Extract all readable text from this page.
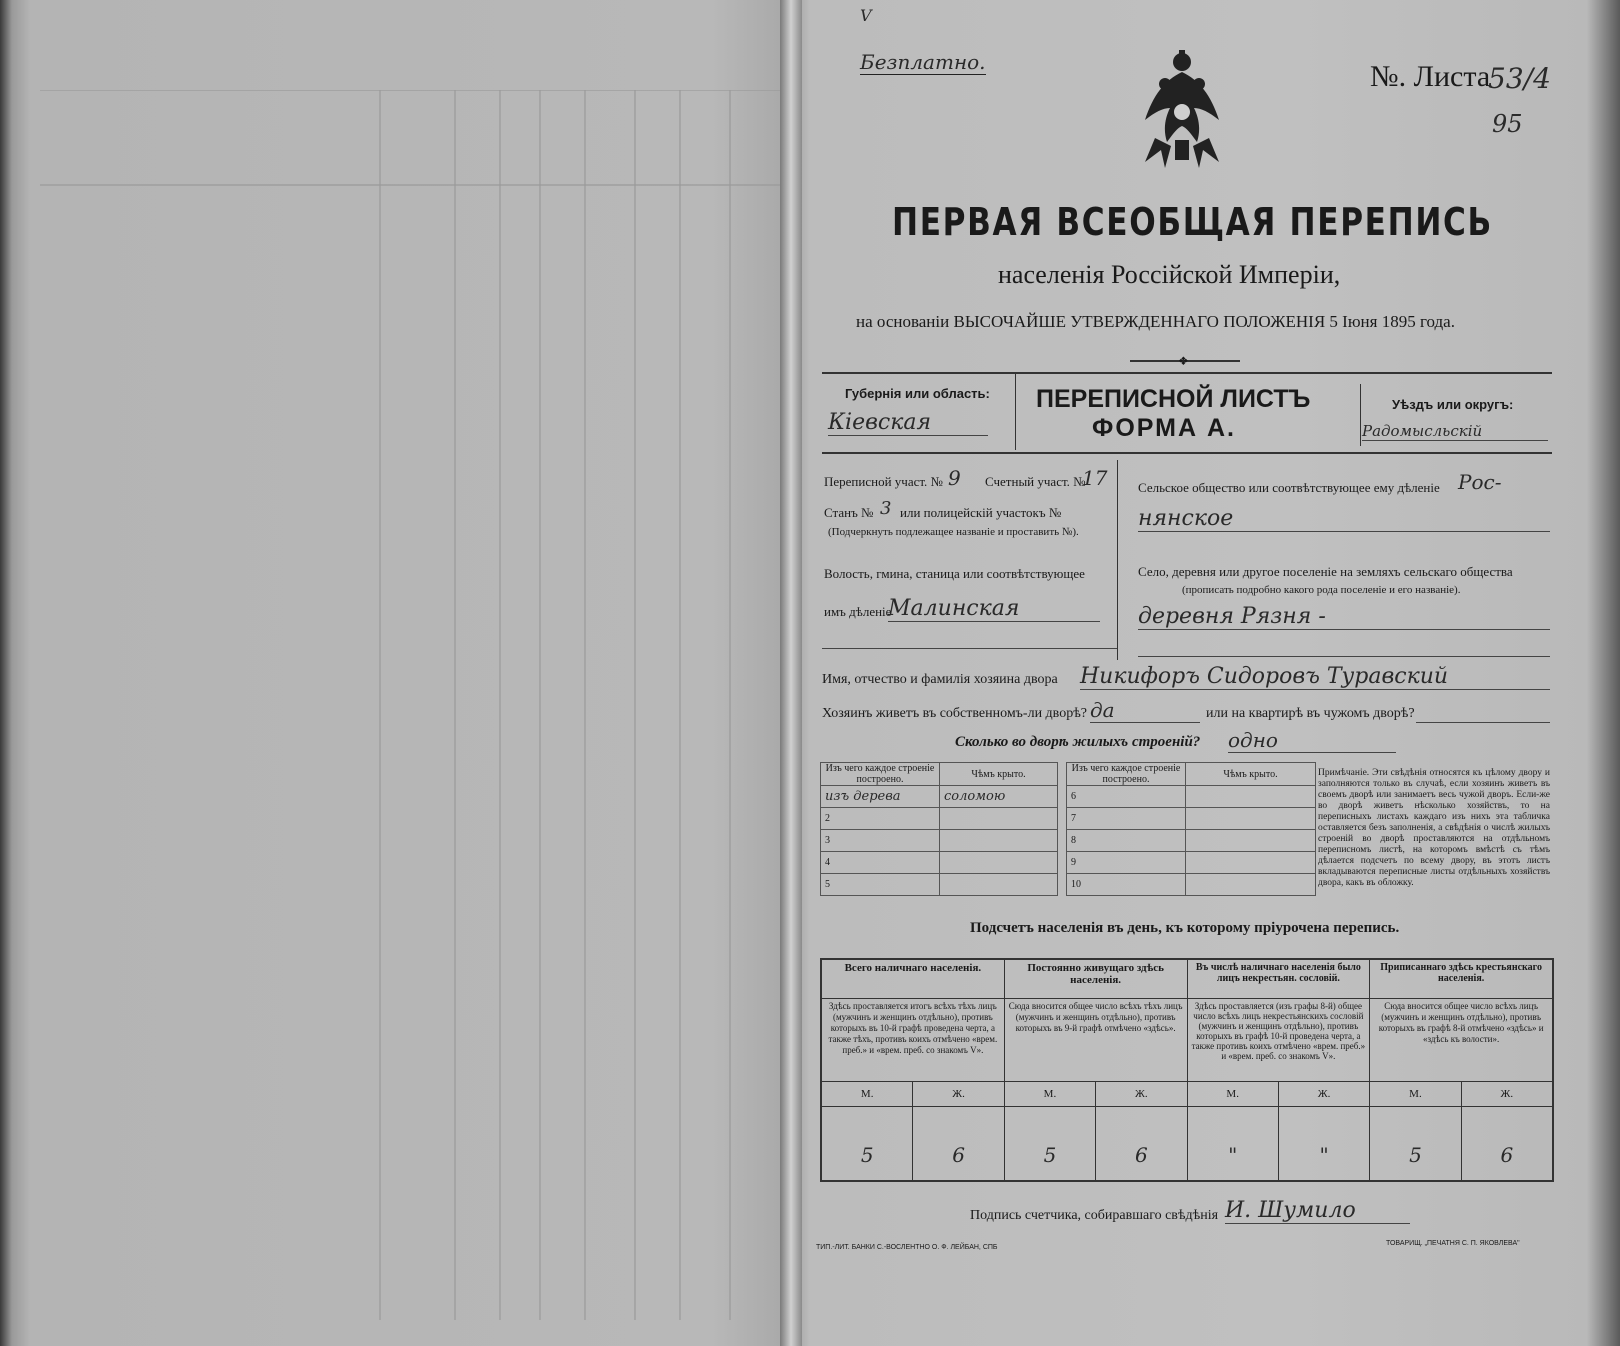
V
Безплатно.	№. Листа
53/4
95
ПЕРВАЯ ВСЕОБЩАЯ ПЕРЕПИСЬ
населенія Россійской Имперіи,
на основаніи ВЫСОЧАЙШЕ УТВЕРЖДЕННАГО ПОЛОЖЕНІЯ 5 Іюня 1895 года.
❖
Губернія или область:
Кіевская
ПЕРЕПИСНОЙ ЛИСТЪ
ФОРМА А.
Уѣздъ или округъ:
Радомысльскій
Переписной участ. № 9 Счетный участ. №
17
Станъ № 3 или полицейскій участокъ №
(Подчеркнуть подлежащее названіе и проставить №).
Волость, гмина, станица или соотвѣтствующее
имъ дѣленіе
Малинская
Сельское общество или соотвѣтствующее ему дѣленіе Рос-
нянское
Село, деревня или другое поселеніе на земляхъ сельскаго общества
(прописать подробно какого рода поселеніе и его названіе).
деревня Рязня -
Имя, отчество и фамилія хозяина двора Никифоръ Сидоровъ Туравский
Хозяинъ живетъ въ собственномъ-ли дворѣ? да	или на квартирѣ въ чужомъ дворѣ?
Сколько во дворѣ жилыхъ строеній? одно
Изъ чего каждое строеніе построено.	Чѣмъ крыто.
изъ дерева	соломою
2	
3	
4	
5	
Изъ чего каждое строеніе построено.	Чѣмъ крыто.
6	
7	
8	
9	
10	
Примѣчаніе. Эти свѣдѣнія относятся къ цѣлому двору и заполняются только въ случаѣ, если хозяинъ живетъ въ своемъ дворѣ или занимаетъ весь чужой дворъ. Если-же во дворѣ живетъ нѣсколько хозяйствъ, то на переписныхъ листахъ каждаго изъ нихъ эта табличка оставляется безъ заполненія, а свѣдѣнія о числѣ жилыхъ строеній во дворѣ проставляются на отдѣльномъ переписномъ листѣ, на которомъ вмѣстѣ съ тѣмъ дѣлается подсчетъ по всему двору, въ этотъ листъ вкладываются переписные листы отдѣльныхъ хозяйствъ двора, какъ въ обложку.
Подсчетъ населенія въ день, къ которому пріурочена перепись.
Всего наличнаго населенія.
Здѣсь проставляется итогъ всѣхъ тѣхъ лицъ (мужчинъ и женщинъ отдѣльно), противъ которыхъ въ 10-й графѣ проведена черта, а также тѣхъ, противъ коихъ отмѣчено «врем. преб.» и «врем. преб. со знакомъ V».
М.	Ж.
5	6
Постоянно живущаго здѣсь населенія.
Сюда вносится общее число всѣхъ тѣхъ лицъ (мужчинъ и женщинъ отдѣльно), противъ которыхъ въ 9-й графѣ отмѣчено «здѣсь».
М.	Ж.
5	6
Въ числѣ наличнаго населенія было лицъ некрестьян. сословій.
Здѣсь проставляется (изъ графы 8-й) общее число всѣхъ лицъ некрестьянскихъ сословій (мужчинъ и женщинъ отдѣльно), противъ которыхъ въ графѣ 10-й проведена черта, а также противъ коихъ отмѣчено «врем. преб.» и «врем. преб. со знакомъ V».
М.	Ж.
"	"
Приписаннаго здѣсь крестьянскаго населенія.
Сюда вносится общее число всѣхъ лицъ (мужчинъ и женщинъ отдѣльно), противъ которыхъ въ графѣ 8-й отмѣчено «здѣсь» и «здѣсь къ волости».
М.	Ж.
5	6
Подпись счетчика, собиравшаго свѣдѣнія И. Шумило
ТИП.-ЛИТ. БАНКИ С.-ВОСЛЕНТНО О. Ф. ЛЕЙБАН, СПБ
ТОВАРИЩ. „ПЕЧАТНЯ С. П. ЯКОВЛЕВА"
